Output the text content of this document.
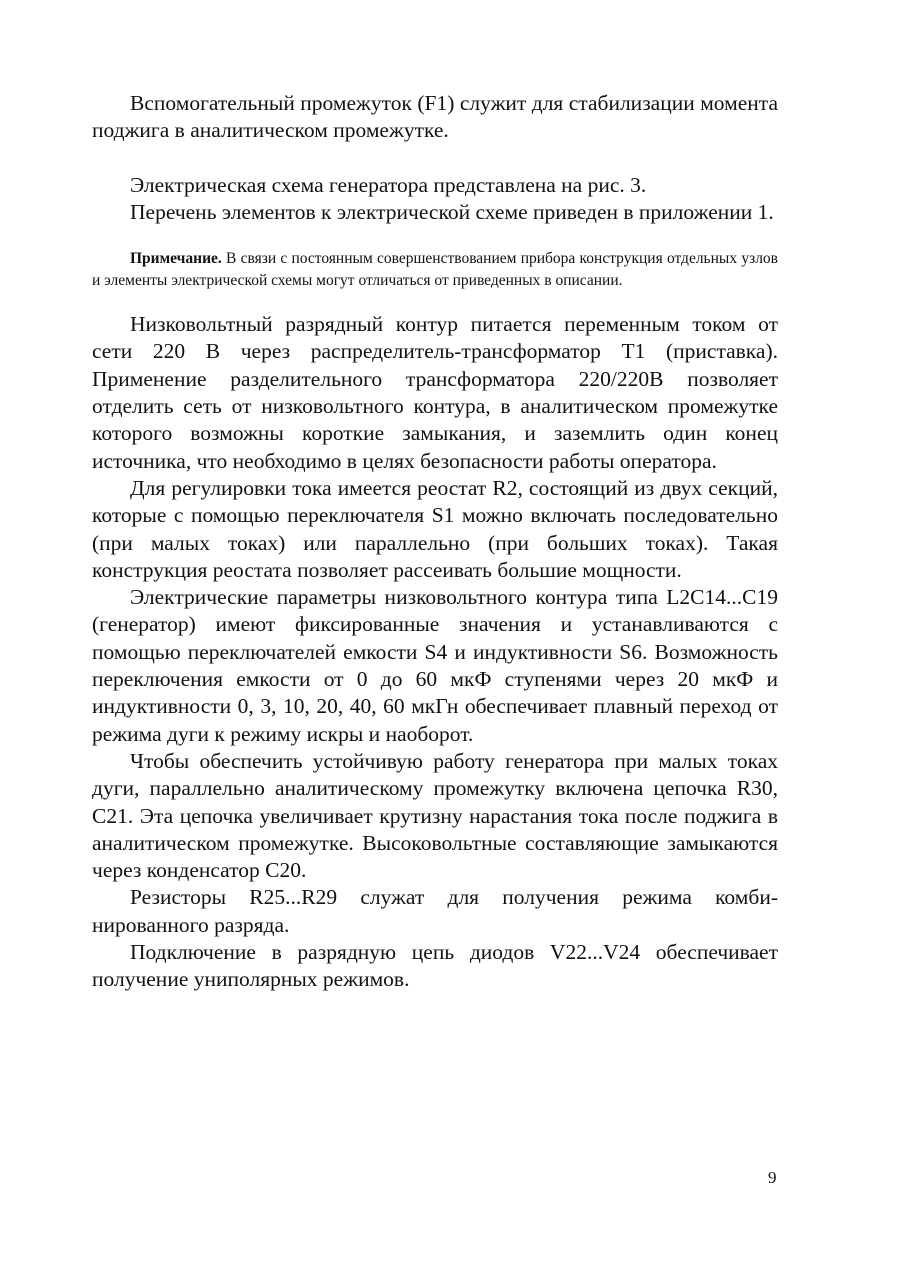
Вспомогательный промежуток (F1) служит для стабилизации момента поджига в аналитическом промежутке.

Электрическая схема генератора представлена на рис. 3.

Перечень элементов к электрической схеме приведен в приложении 1.

Примечание. В связи с постоянным совершенствованием прибора конструкция отдельных узлов и элементы электрической схемы могут отличаться от приведенных в описании.

Низковольтный разрядный контур питается переменным током от сети 220 В через распределитель-трансформатор Т1 (приставка). Применение разделительного трансформатора 220/220В позволяет отделить сеть от низковольтного контура, в аналитическом промежутке которого возможны короткие замыкания, и заземлить один конец источника, что необходимо в целях безопасности работы оператора.

Для регулировки тока имеется реостат R2, состоящий из двух секций, которые с помощью переключателя S1 можно включать последовательно (при малых токах) или параллельно (при больших токах). Такая конструкция реостата позволяет рассеивать большие мощности.

Электрические параметры низковольтного контура типа L2C14...C19 (генератор) имеют фиксированные значения и устанавливаются с помощью переключателей емкости S4 и индуктивности S6. Возможность переключения емкости от 0 до 60 мкФ ступенями через 20 мкФ и индуктивности 0, 3, 10, 20, 40, 60 мкГн обеспечивает плавный переход от режима дуги к режиму искры и наоборот.

Чтобы обеспечить устойчивую работу генератора при малых токах дуги, параллельно аналитическому промежутку включена цепочка R30, С21. Эта цепочка увеличивает крутизну нарастания тока после поджига в аналитическом промежутке. Высоковольтные составляющие замыкаются через конденсатор С20.

Резисторы R25...R29 служат для получения режима комбинированного разряда.

Подключение в разрядную цепь диодов V22...V24 обеспечивает получение униполярных режимов.

9
